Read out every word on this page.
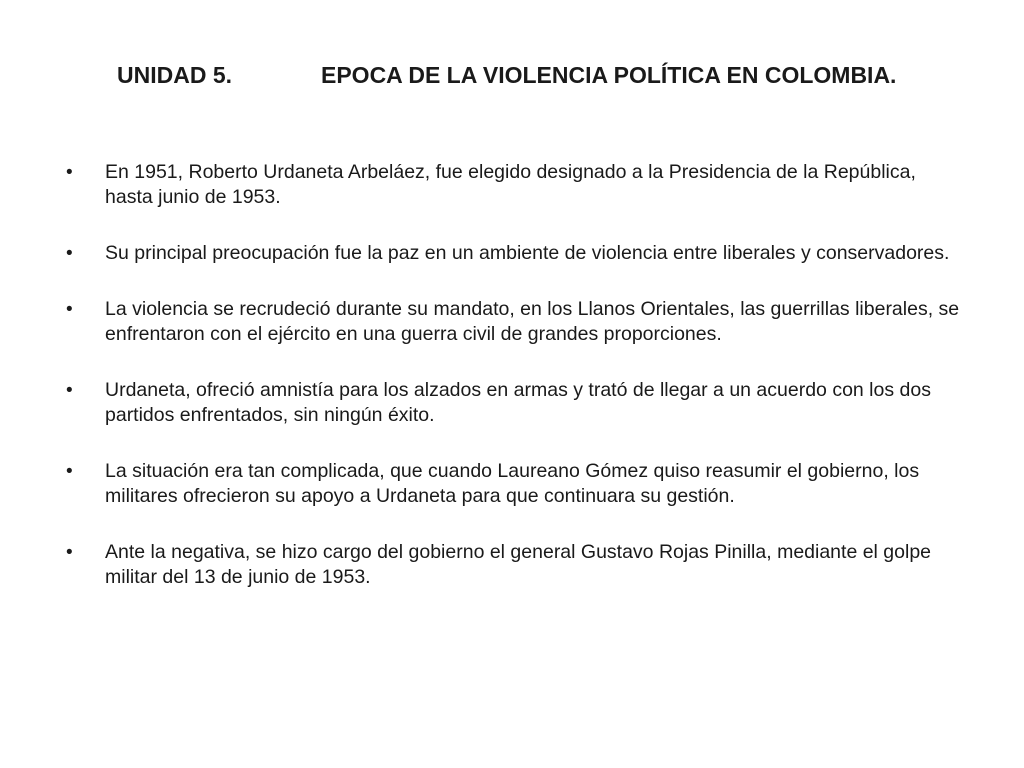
UNIDAD 5.	EPOCA DE LA VIOLENCIA POLÍTICA EN COLOMBIA.
• En 1951, Roberto Urdaneta Arbeláez, fue elegido designado a la Presidencia de la República, hasta junio de 1953.
• Su principal preocupación fue la paz en un ambiente de violencia entre liberales y conservadores.
• La violencia se recrudeció durante su mandato, en los Llanos Orientales, las guerrillas liberales, se enfrentaron con el ejército en una guerra civil de grandes proporciones.
• Urdaneta, ofreció amnistía para los alzados en armas y trató de llegar a un acuerdo con los dos partidos enfrentados, sin ningún éxito.
• La situación era tan complicada, que cuando Laureano Gómez quiso reasumir el gobierno, los militares ofrecieron su apoyo a Urdaneta para que continuara su gestión.
• Ante la negativa, se hizo cargo del gobierno el general Gustavo Rojas Pinilla, mediante el golpe militar del 13 de junio de 1953.
